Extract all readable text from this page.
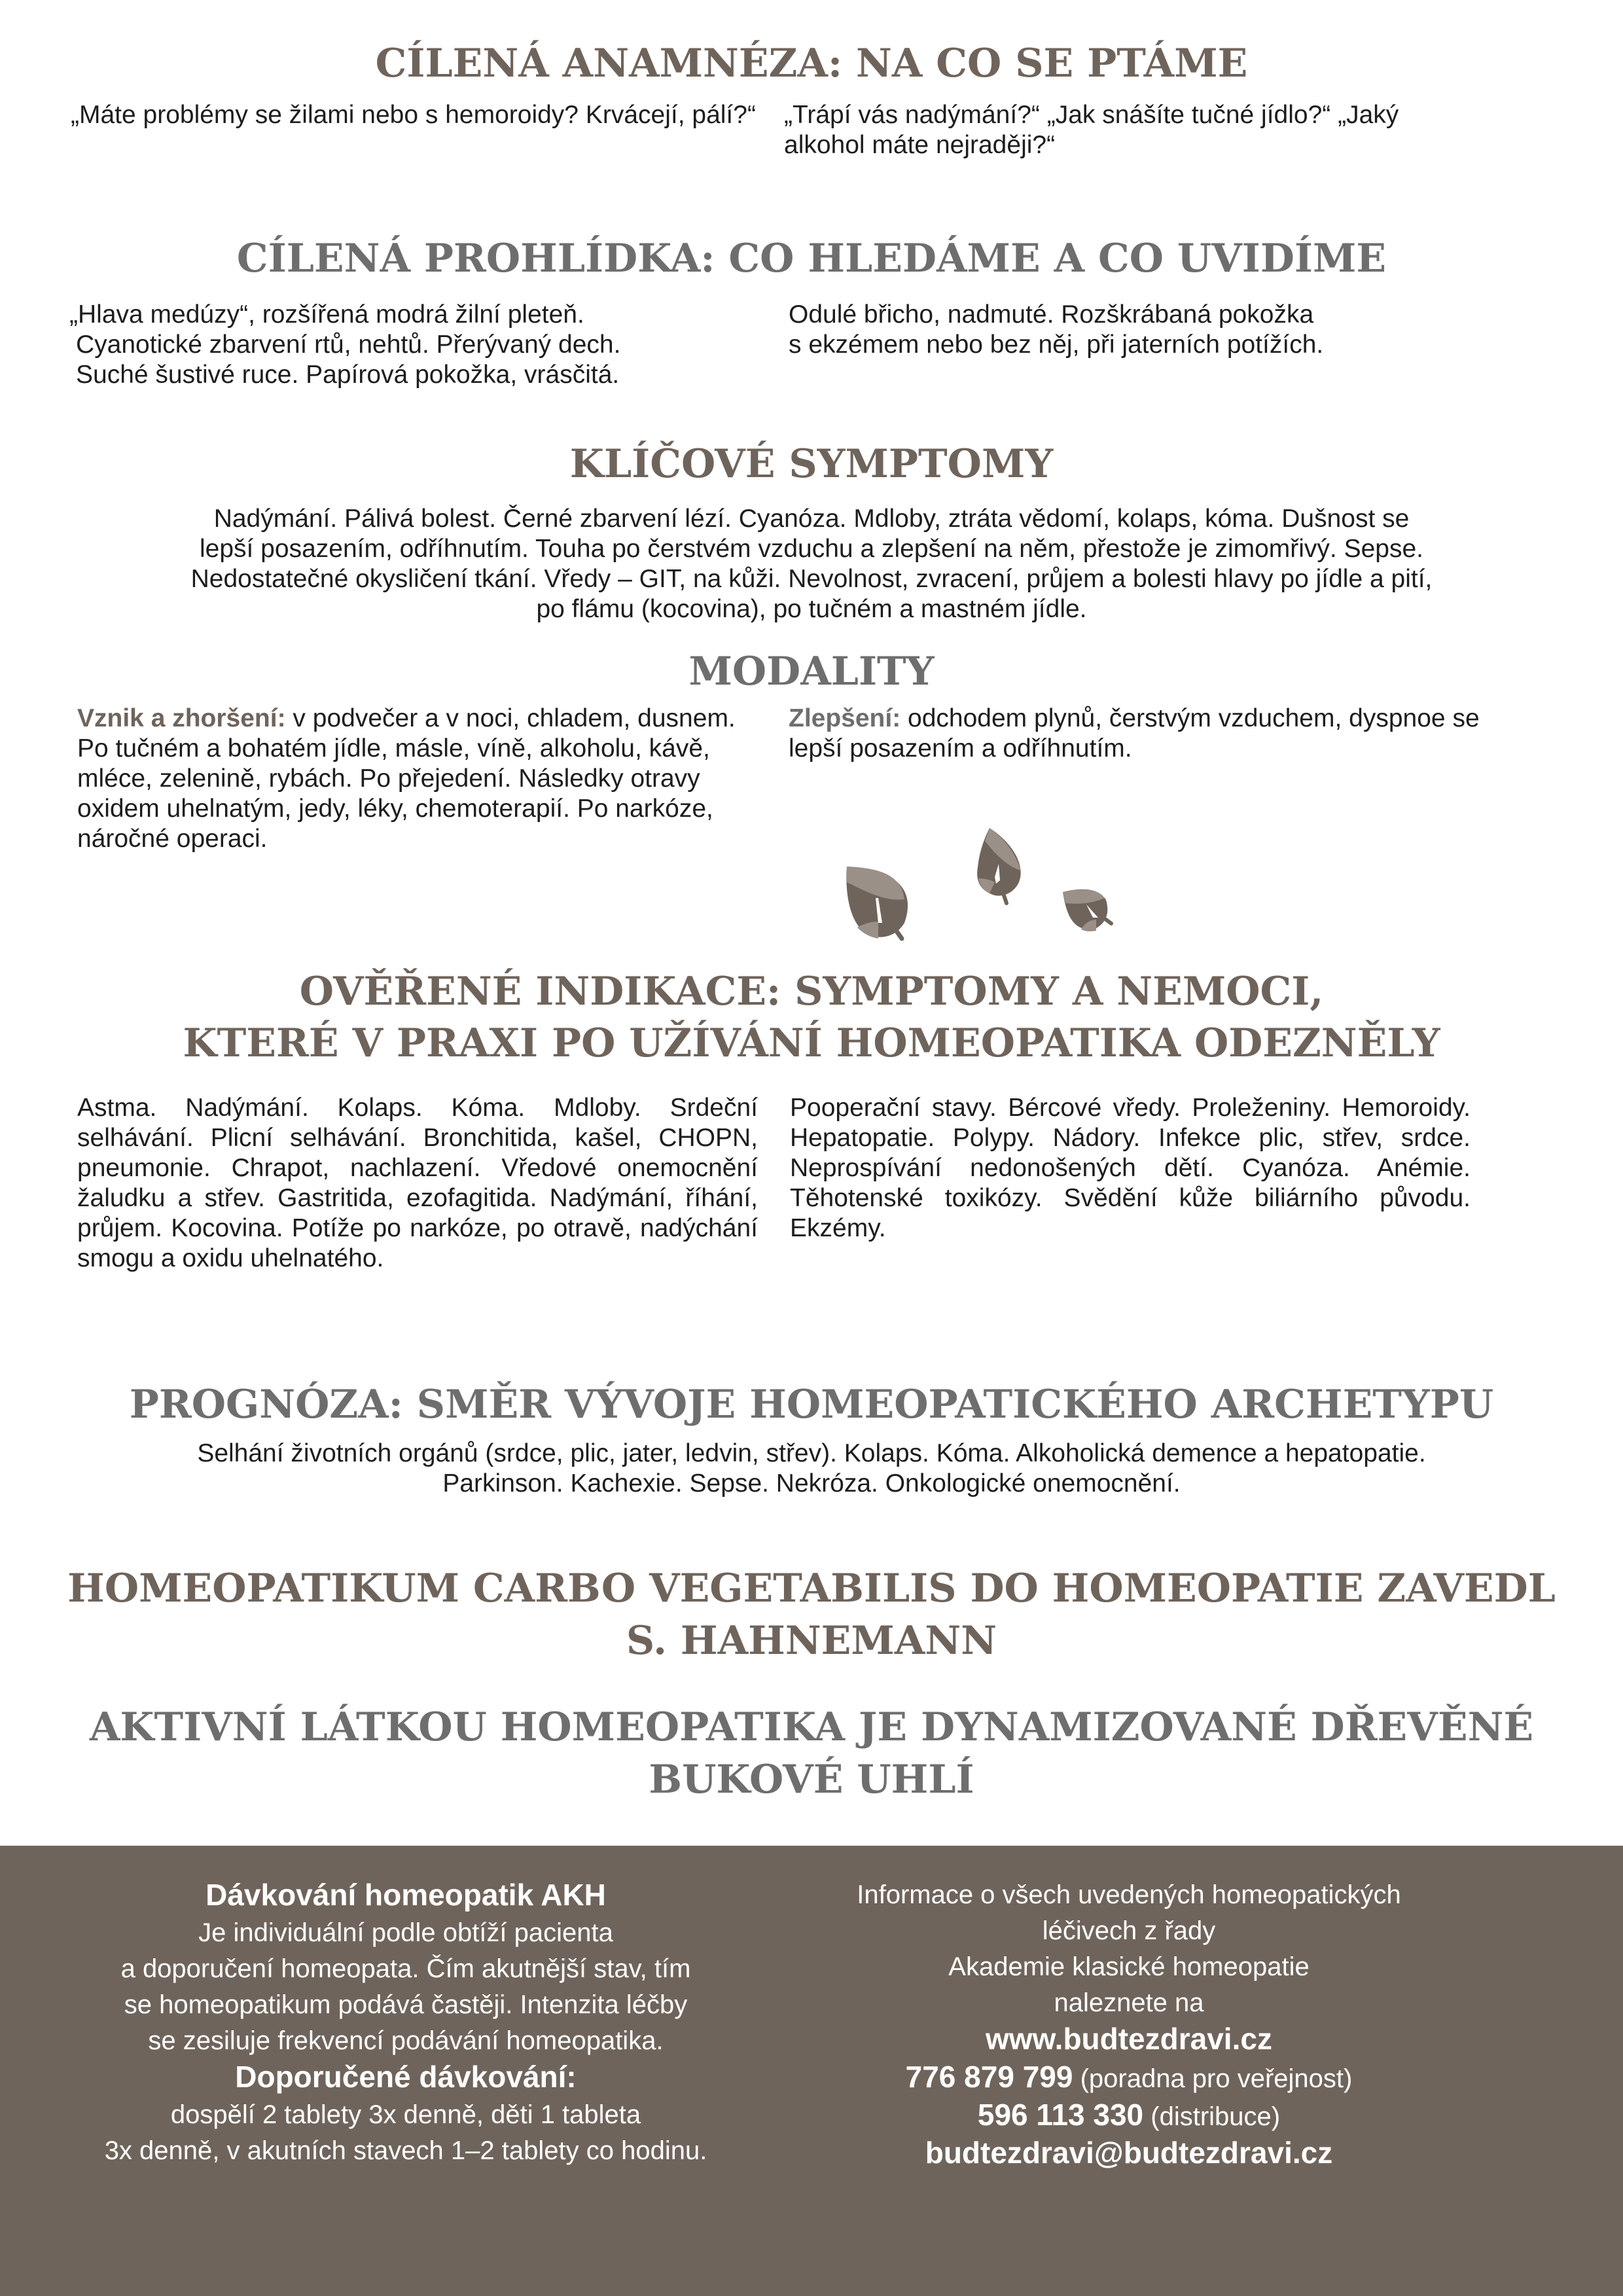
CÍLENÁ ANAMNÉZA: NA CO SE PTÁME

„Máte problémy se žilami nebo s hemoroidy? Krvácejí, pálí?“	„Trápí vás nadýmání?“ „Jak snášíte tučné jídlo?“ „Jaký alkohol máte nejraději?“

CÍLENÁ PROHLÍDKA: CO HLEDÁME A CO UVIDÍME
„Hlava medúzy“, rozšířená modrá žilní pleteň.
Cyanotické zbarvení rtů, nehtů. Přerývaný dech.
Suché šustivé ruce. Papírová pokožka, vrásčitá.
Odulé břicho, nadmuté. Rozškrábaná pokožka
s ekzémem nebo bez něj, při jaterních potížích.
KLÍČOVÉ SYMPTOMY
Nadýmání. Pálivá bolest. Černé zbarvení lézí. Cyanóza. Mdloby, ztráta vědomí, kolaps, kóma. Dušnost se
lepší posazením, odříhnutím. Touha po čerstvém vzduchu a zlepšení na něm, přestože je zimomřivý. Sepse.
Nedostatečné okysličení tkání. Vředy – GIT, na kůži. Nevolnost, zvracení, průjem a bolesti hlavy po jídle a pití,
po flámu (kocovina), po tučném a mastném jídle.
MODALITY

Vznik a zhoršení: v podvečer a v noci, chladem, dusnem. Po tučném a bohatém jídle, másle, víně, alkoholu, kávě, mléce, zelenině, rybách. Po přejedení. Následky otravy oxidem uhelnatým, jedy, léky, chemoterapií. Po narkóze, náročné operaci.

Zlepšení: odchodem plynů, čerstvým vzduchem, dyspnoe se lepší posazením a odříhnutím.

OVĚŘENÉ INDIKACE: SYMPTOMY A NEMOCI,
KTERÉ V PRAXI PO UŽÍVÁNÍ HOMEOPATIKA ODEZNĚLY

Astma. Nadýmání. Kolaps. Kóma. Mdloby. Srdeční selhávání. Plicní selhávání. Bronchitida, kašel, CHOPN, pneumonie. Chrapot, nachlazení. Vředové onemocnění žaludku a střev. Gastritida, ezofagitida. Nadýmání, říhání, průjem. Kocovina. Potíže po narkóze, po otravě, nadýchání smogu a oxidu uhelnatého.

Pooperační stavy. Bércové vředy. Proleženiny. Hemoroidy. Hepatopatie. Polypy. Nádory. Infekce plic, střev, srdce. Neprospívání nedonošených dětí. Cyanóza. Anémie. Těhotenské toxikózy. Svědění kůže biliárního původu. Ekzémy.

PROGNÓZA: SMĚR VÝVOJE HOMEOPATICKÉHO ARCHETYPU
Selhání životních orgánů (srdce, plic, jater, ledvin, střev). Kolaps. Kóma. Alkoholická demence a hepatopatie.
Parkinson. Kachexie. Sepse. Nekróza. Onkologické onemocnění.
HOMEOPATIKUM CARBO VEGETABILIS DO HOMEOPATIE ZAVEDL
S. HAHNEMANN
AKTIVNÍ LÁTKOU HOMEOPATIKA JE DYNAMIZOVANÉ DŘEVĚNÉ
BUKOVÉ UHLÍ
Dávkování homeopatik AKH
Je individuální podle obtíží pacienta
a doporučení homeopata. Čím akutnější stav, tím
se homeopatikum podává častěji. Intenzita léčby
se zesiluje frekvencí podávání homeopatika.
Doporučené dávkování:
dospělí 2 tablety 3x denně, děti 1 tableta
3x denně, v akutních stavech 1–2 tablety co hodinu.
Informace o všech uvedených homeopatických
léčivech z řady
Akademie klasické homeopatie
naleznete na
www.budtezdravi.cz
776 879 799 (poradna pro veřejnost)
596 113 330 (distribuce)
budtezdravi@budtezdravi.cz
